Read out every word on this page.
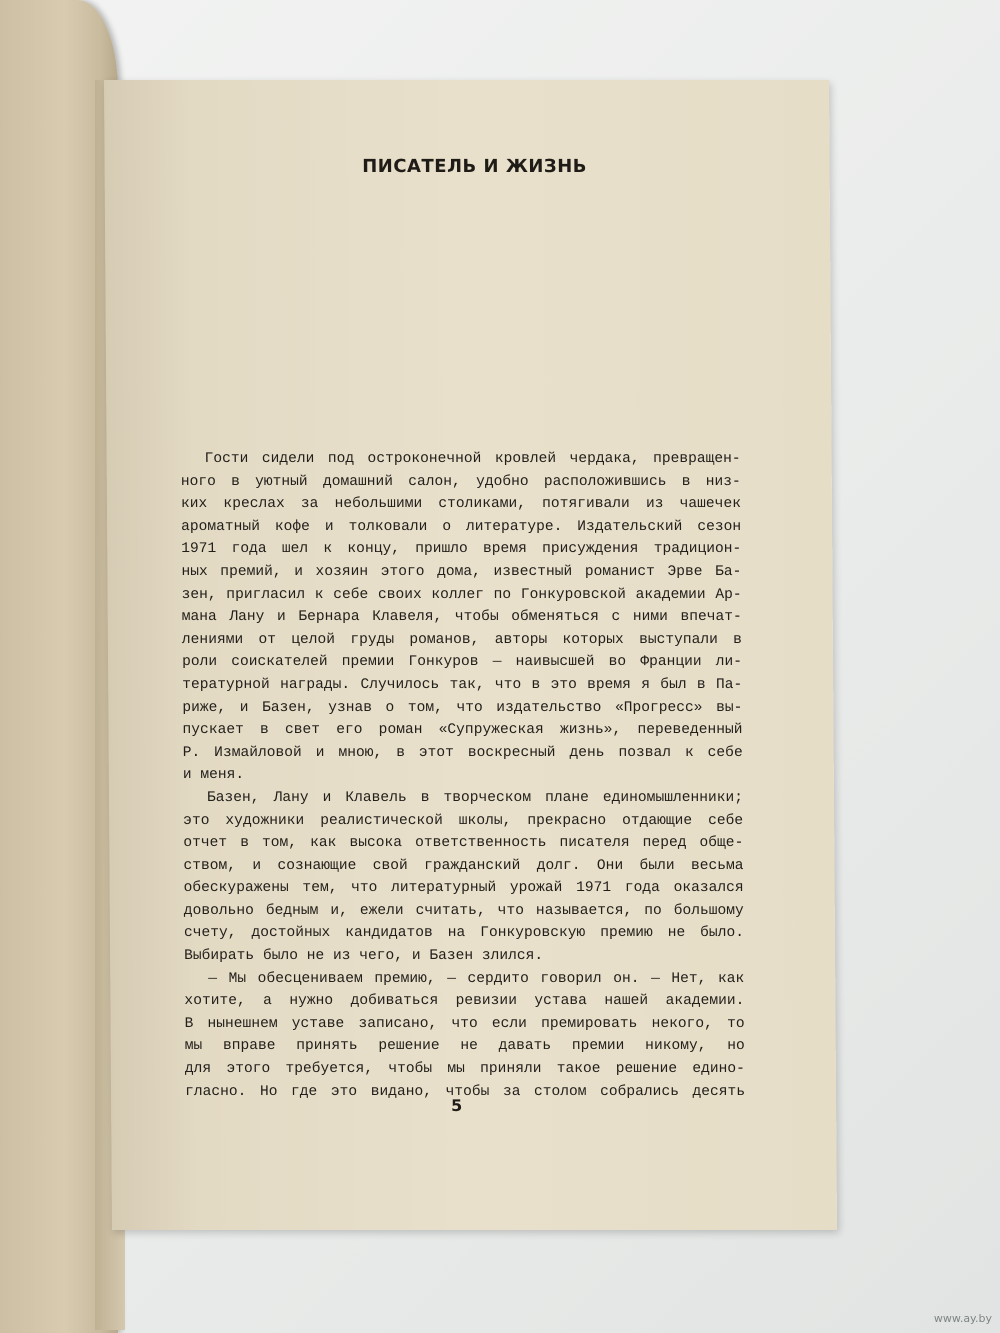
ПИСАТЕЛЬ И ЖИЗНЬ
Гости сидели под остроконечной кровлей чердака, превращен-
ного в уютный домашний салон, удобно расположившись в низ-
ких креслах за небольшими столиками, потягивали из чашечек
ароматный кофе и толковали о литературе. Издательский сезон
1971 года шел к концу, пришло время присуждения традицион-
ных премий, и хозяин этого дома, известный романист Эрве Ба-
зен, пригласил к себе своих коллег по Гонкуровской академии Ар-
мана Лану и Бернара Клавеля, чтобы обменяться с ними впечат-
лениями от целой груды романов, авторы которых выступали в
роли соискателей премии Гонкуров — наивысшей во Франции ли-
тературной награды. Случилось так, что в это время я был в Па-
риже, и Базен, узнав о том, что издательство «Прогресс» вы-
пускает в свет его роман «Супружеская жизнь», переведенный
Р. Измайловой и мною, в этот воскресный день позвал к себе
и меня.
Базен, Лану и Клавель в творческом плане единомышленники;
это художники реалистической школы, прекрасно отдающие себе
отчет в том, как высока ответственность писателя перед обще-
ством, и сознающие свой гражданский долг. Они были весьма
обескуражены тем, что литературный урожай 1971 года оказался
довольно бедным и, ежели считать, что называется, по большому
счету, достойных кандидатов на Гонкуровскую премию не было.
Выбирать было не из чего, и Базен злился.
— Мы обесцениваем премию, — сердито говорил он. — Нет, как
хотите, а нужно добиваться ревизии устава нашей академии.
В нынешнем уставе записано, что если премировать некого, то
мы вправе принять решение не давать премии никому, но
для этого требуется, чтобы мы приняли такое решение едино-
гласно. Но где это видано, чтобы за столом собрались десять
5
www.ay.by
